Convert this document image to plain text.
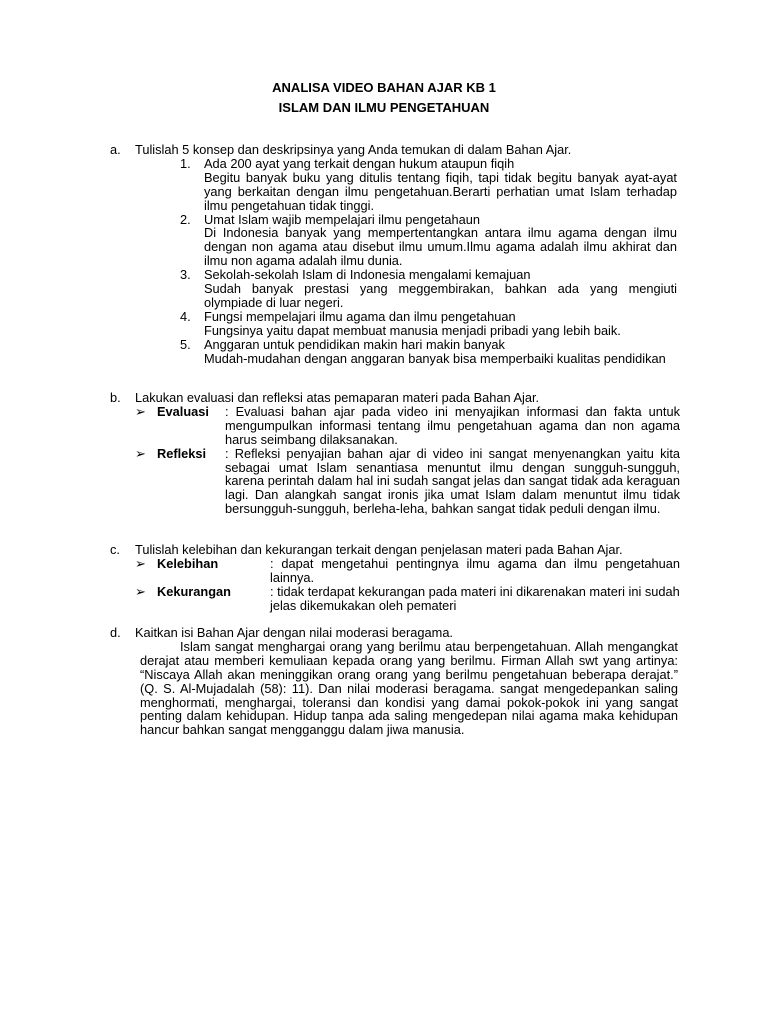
ANALISA VIDEO BAHAN AJAR KB 1
ISLAM DAN ILMU PENGETAHUAN
a. Tulislah 5 konsep dan deskripsinya yang Anda temukan di dalam Bahan Ajar.
1. Ada 200 ayat yang terkait dengan hukum ataupun fiqih
Begitu banyak buku yang ditulis tentang fiqih, tapi tidak begitu banyak ayat-ayat yang berkaitan dengan ilmu pengetahuan.Berarti perhatian umat Islam terhadap ilmu pengetahuan tidak tinggi.
2. Umat Islam wajib mempelajari ilmu pengetahaun
Di Indonesia banyak yang mempertentangkan antara ilmu agama dengan ilmu dengan non agama atau disebut ilmu umum.Ilmu agama adalah ilmu akhirat dan ilmu non agama adalah ilmu dunia.
3. Sekolah-sekolah Islam di Indonesia mengalami kemajuan
Sudah banyak prestasi yang meggembirakan, bahkan ada yang mengiuti olympiade di luar negeri.
4. Fungsi mempelajari ilmu agama dan ilmu pengetahuan
Fungsinya yaitu dapat membuat manusia menjadi pribadi yang lebih baik.
5. Anggaran untuk pendidikan makin hari makin banyak
Mudah-mudahan dengan anggaran banyak bisa memperbaiki kualitas pendidikan
b. Lakukan evaluasi dan refleksi atas pemaparan materi pada Bahan Ajar.
➢ Evaluasi : Evaluasi bahan ajar pada video ini menyajikan informasi dan fakta untuk mengumpulkan informasi tentang ilmu pengetahuan agama dan non agama harus seimbang dilaksanakan.
➢ Refleksi : Refleksi penyajian bahan ajar di video ini sangat menyenangkan yaitu kita sebagai umat Islam senantiasa menuntut ilmu dengan sungguh-sungguh, karena perintah dalam hal ini sudah sangat jelas dan sangat tidak ada keraguan lagi. Dan alangkah sangat ironis jika umat Islam dalam menuntut ilmu tidak bersungguh-sungguh, berleha-leha, bahkan sangat tidak peduli dengan ilmu.
c. Tulislah kelebihan dan kekurangan terkait dengan penjelasan materi pada Bahan Ajar.
➢ Kelebihan	: dapat mengetahui pentingnya ilmu agama dan ilmu pengetahuan lainnya.
➢ Kekurangan	: tidak terdapat kekurangan pada materi ini dikarenakan materi ini sudah jelas dikemukakan oleh pemateri
d. Kaitkan isi Bahan Ajar dengan nilai moderasi beragama.
Islam sangat menghargai orang yang berilmu atau berpengetahuan. Allah mengangkat derajat atau memberi kemuliaan kepada orang yang berilmu. Firman Allah swt yang artinya: “Niscaya Allah akan meninggikan orang orang yang berilmu pengetahuan beberapa derajat.” (Q. S. Al-Mujadalah (58): 11). Dan nilai moderasi beragama. sangat mengedepankan saling menghormati, menghargai, toleransi dan kondisi yang damai pokok-pokok ini yang sangat penting dalam kehidupan. Hidup tanpa ada saling mengedepan nilai agama maka kehidupan hancur bahkan sangat mengganggu dalam jiwa manusia.
